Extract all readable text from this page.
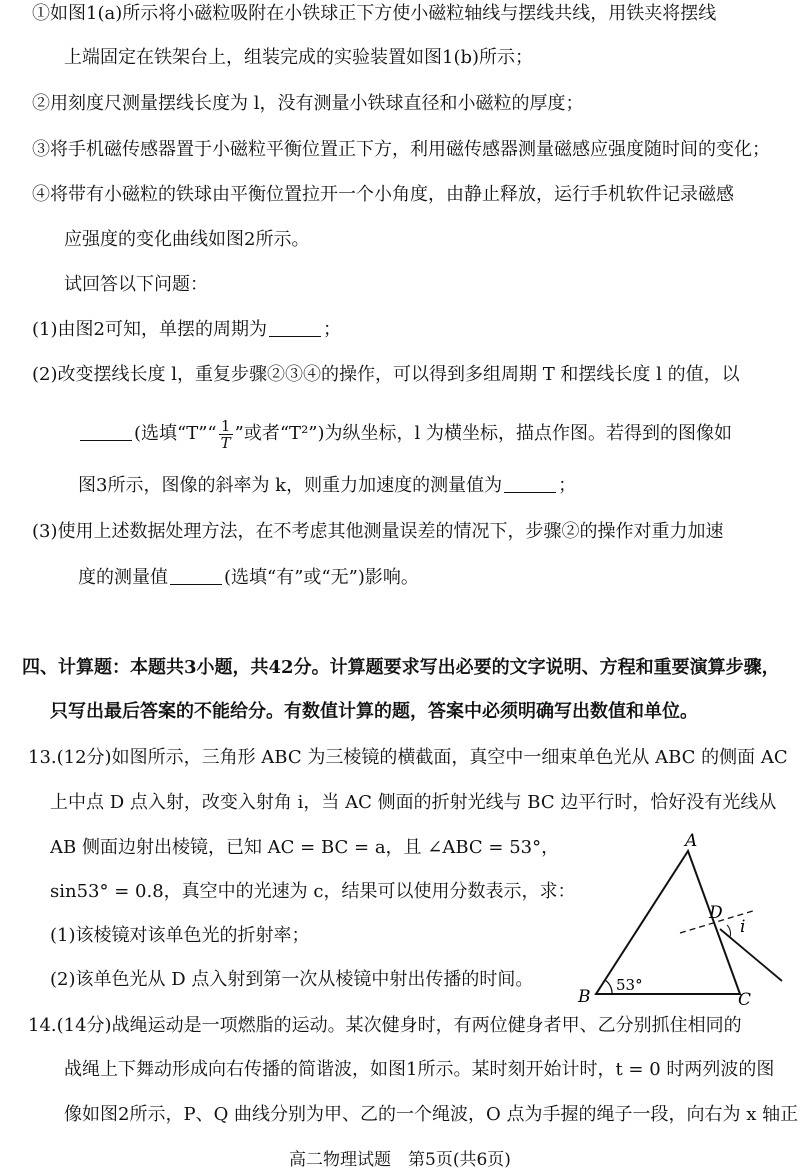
①如图1(a)所示将小磁粒吸附在小铁球正下方使小磁粒轴线与摆线共线，用铁夹将摆线
上端固定在铁架台上，组装完成的实验装置如图1(b)所示；
②用刻度尺测量摆线长度为 l，没有测量小铁球直径和小磁粒的厚度；
③将手机磁传感器置于小磁粒平衡位置正下方，利用磁传感器测量磁感应强度随时间的变化；
④将带有小磁粒的铁球由平衡位置拉开一个小角度，由静止释放，运行手机软件记录磁感
应强度的变化曲线如图2所示。
试回答以下问题：
(1)由图2可知，单摆的周期为	；
(2)改变摆线长度 l，重复步骤②③④的操作，可以得到多组周期 T 和摆线长度 l 的值，以
(选填“T”“ $\frac{1}{T}$ ”或者“T²”)为纵坐标，l 为横坐标，描点作图。若得到的图像如
图3所示，图像的斜率为 k，则重力加速度的测量值为	；
(3)使用上述数据处理方法，在不考虑其他测量误差的情况下，步骤②的操作对重力加速
度的测量值	(选填“有”或“无”)影响。
四、计算题：本题共3小题，共42分。计算题要求写出必要的文字说明、方程和重要演算步骤，
只写出最后答案的不能给分。有数值计算的题，答案中必须明确写出数值和单位。
13.(12分)如图所示，三角形 ABC 为三棱镜的横截面，真空中一细束单色光从 ABC 的侧面 AC
上中点 D 点入射，改变入射角 i，当 AC 侧面的折射光线与 BC 边平行时，恰好没有光线从
AB 侧面边射出棱镜，已知 AC = BC = a，且 ∠ABC = 53°，
sin53° = 0.8，真空中的光速为 c，结果可以使用分数表示，求：
(1)该棱镜对该单色光的折射率；
(2)该单色光从 D 点入射到第一次从棱镜中射出传播的时间。
A
B	C
D
i
53°
14.(14分)战绳运动是一项燃脂的运动。某次健身时，有两位健身者甲、乙分别抓住相同的
战绳上下舞动形成向右传播的简谐波，如图1所示。某时刻开始计时，t = 0 时两列波的图
像如图2所示，P、Q 曲线分别为甲、乙的一个绳波，O 点为手握的绳子一段，向右为 x 轴正
高二物理试题　第5页(共6页)
